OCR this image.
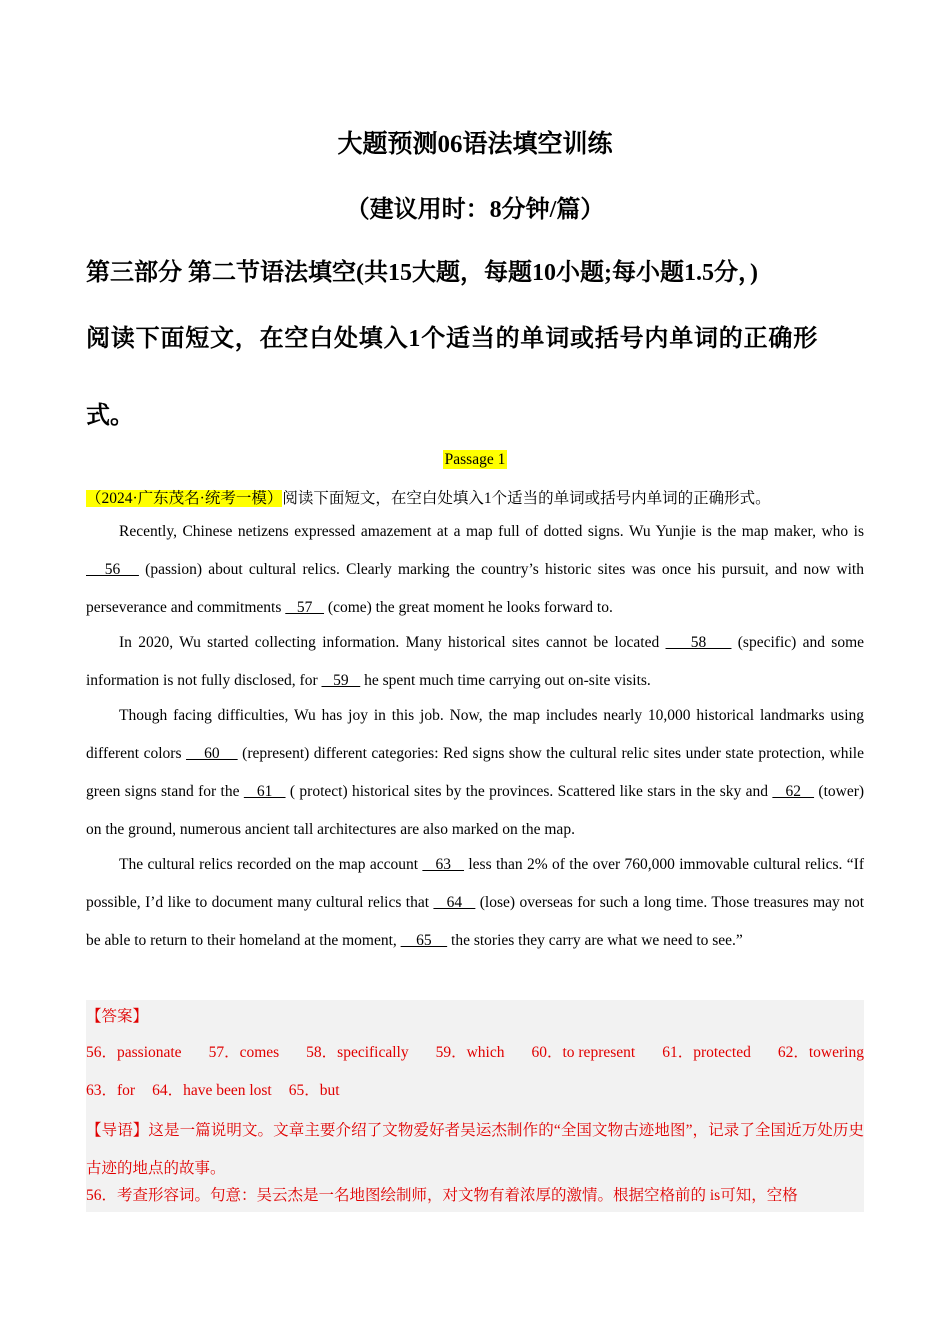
大题预测06语法填空训练
（建议用时：8分钟/篇）
第三部分 第二节语法填空(共15大题，每题10小题;每小题1.5分，)
阅读下面短文，在空白处填入1个适当的单词或括号内单词的正确形
式。
Passage 1
（2024·广东茂名·统考一模）阅读下面短文，在空白处填入1个适当的单词或括号内单词的正确形式。

Recently, Chinese netizens expressed amazement at a map full of dotted signs. Wu Yunjie is the map maker, who is    56    (passion) about cultural relics. Clearly marking the country’s historic sites was once his pursuit, and now with perseverance and commitments    57    (come) the great moment he looks forward to.

In 2020, Wu started collecting information. Many historical sites cannot be located     58     (specific) and some information is not fully disclosed, for    59    he spent much time carrying out on-site visits.

Though facing difficulties, Wu has joy in this job. Now, the map includes nearly 10,000 historical landmarks using different colors     60     (represent) different categories: Red signs show the cultural relic sites under state protection, while green signs stand for the    61    ( protect) historical sites by the provinces. Scattered like stars in the sky and    62    (tower) on the ground, numerous ancient tall architectures are also marked on the map.

The cultural relics recorded on the map account    63    less than 2% of the over 760,000 immovable cultural relics. “If possible, I’d like to document many cultural relics that    64    (lose) overseas for such a long time. Those treasures may not be able to return to their homeland at the moment,     65     the stories they carry are what we need to see.”

【答案】
56．passionate 57．comes 58．specifically 59．which 60．to represent 61．protected 62．towering
63．for 64．have been lost 65．but
【导语】这是一篇说明文。文章主要介绍了文物爱好者吴运杰制作的“全国文物古迹地图”，记录了全国近万处历史古迹的地点的故事。
56．考查形容词。句意：吴云杰是一名地图绘制师，对文物有着浓厚的激情。根据空格前的 is可知，空格
